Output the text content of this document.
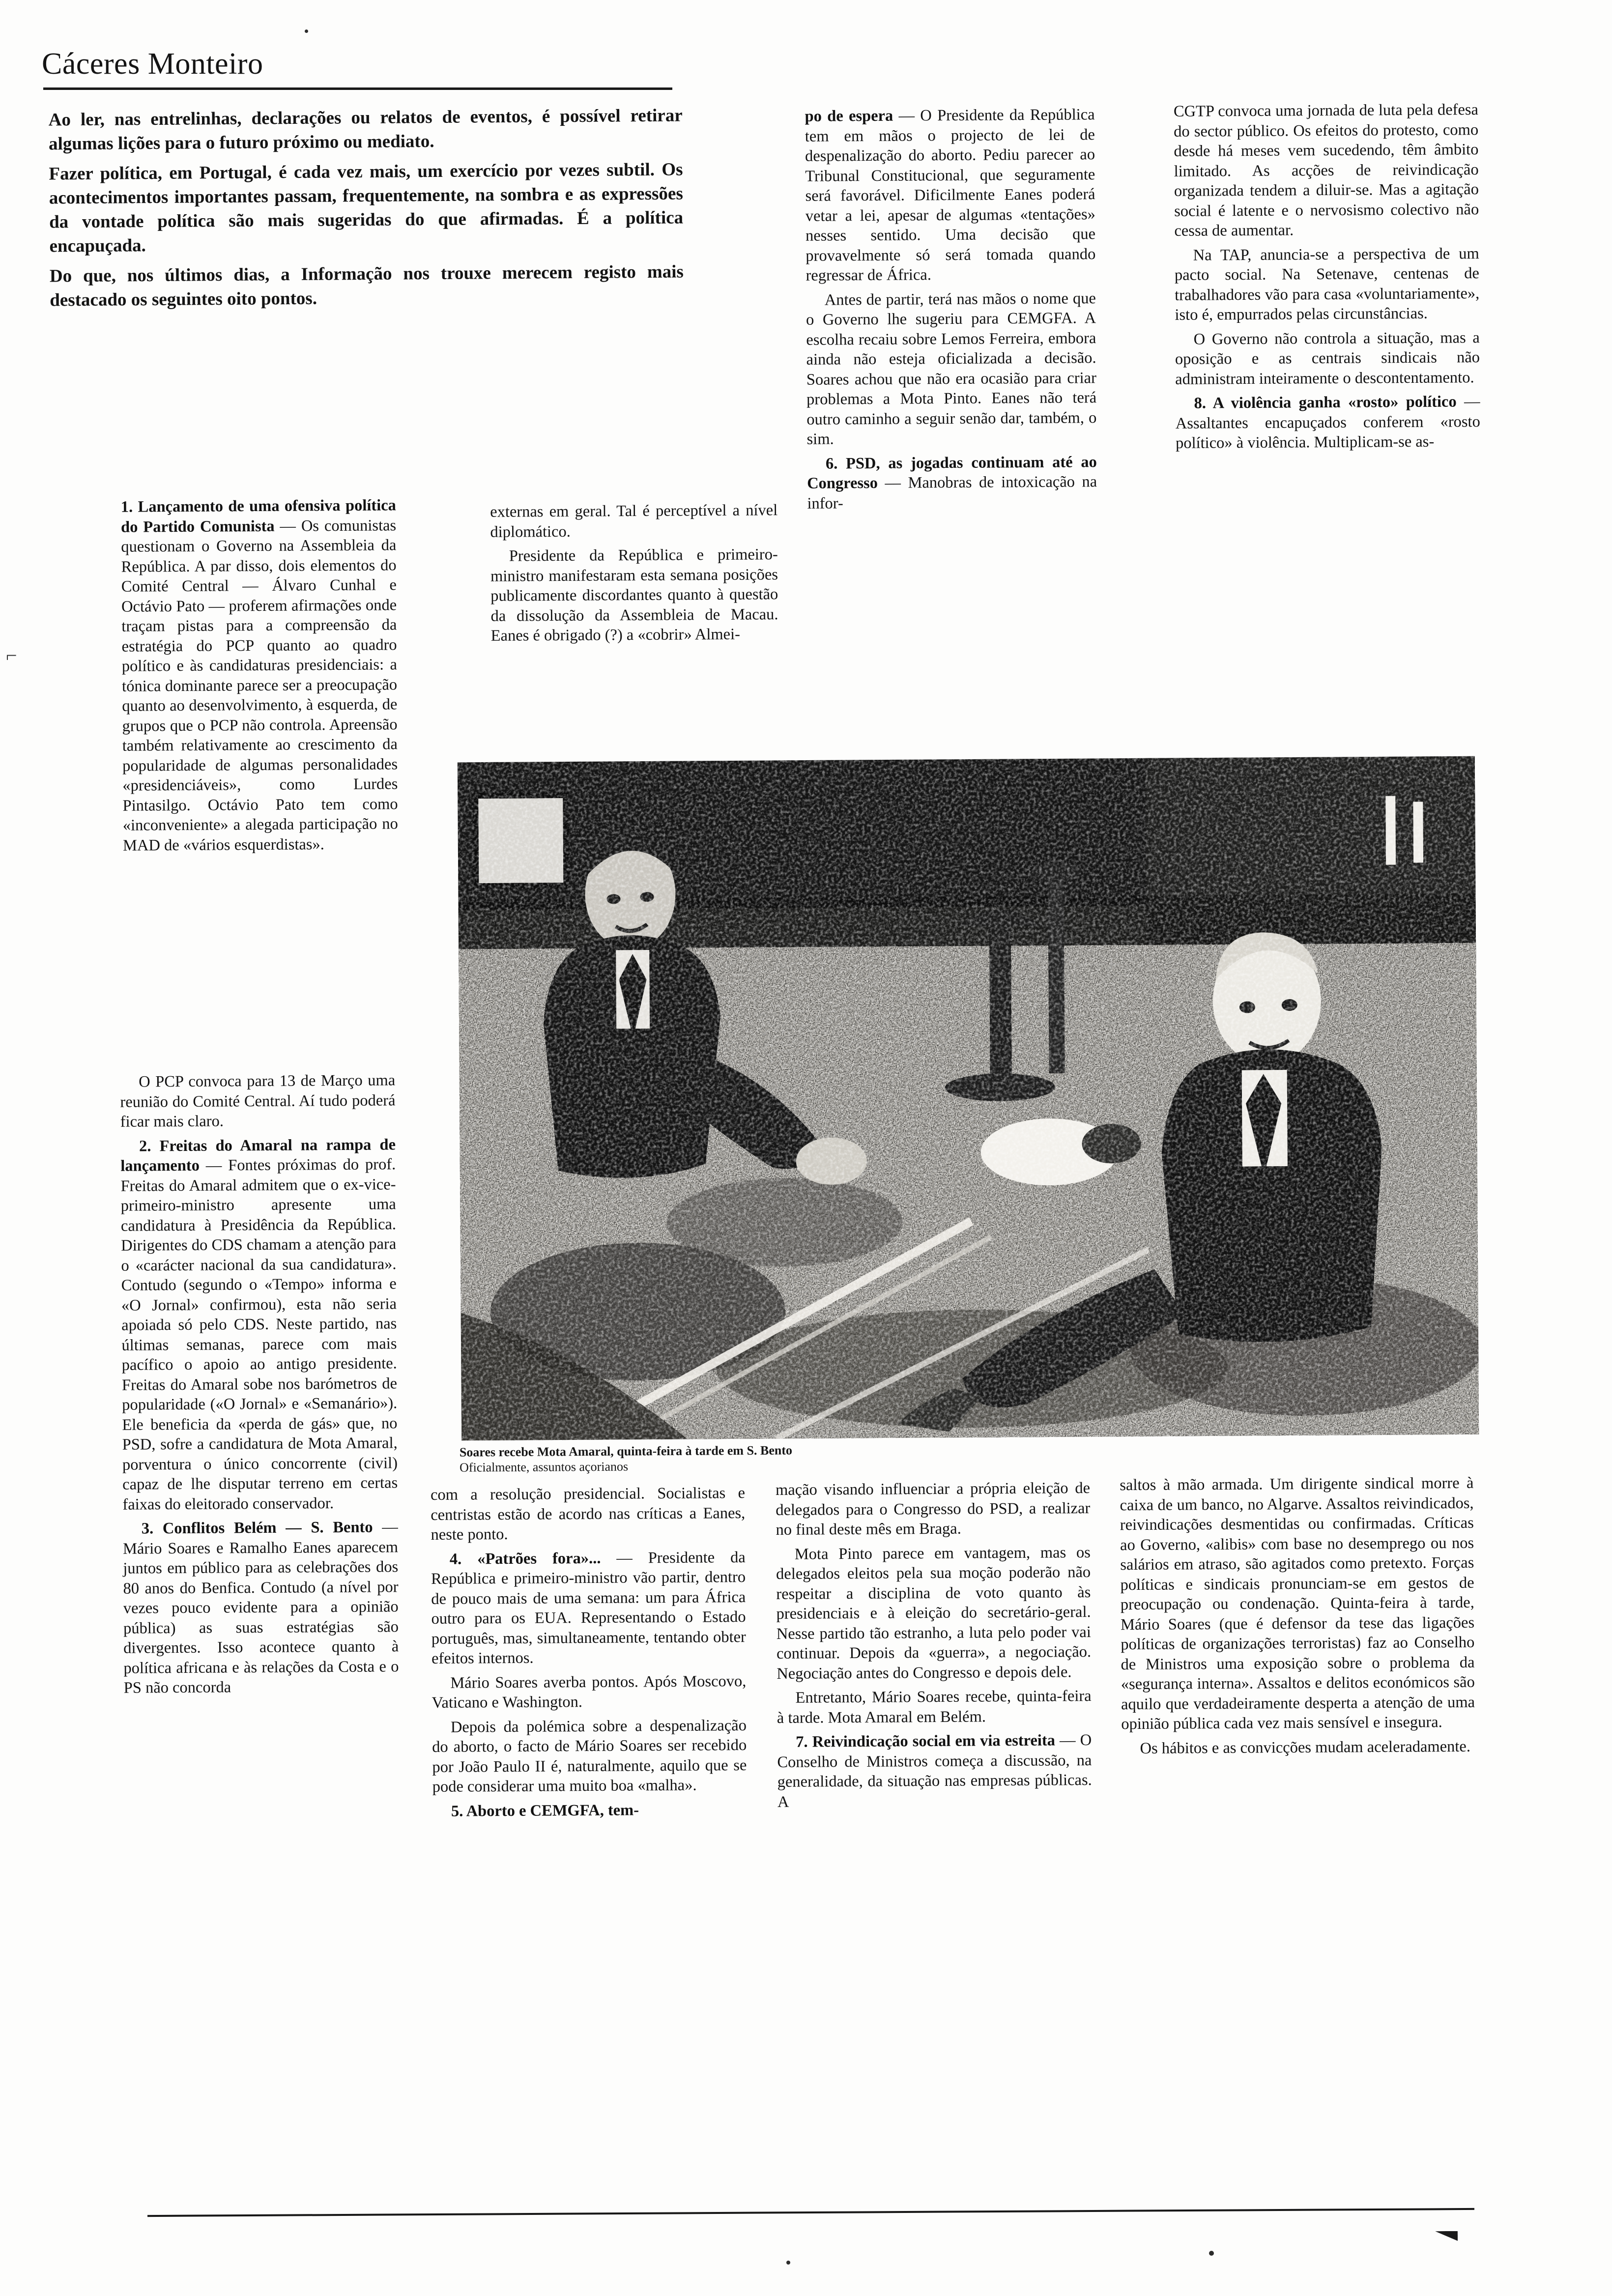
⌐
Cáceres Monteiro

Ao ler, nas entrelinhas, declarações ou relatos de eventos, é possível retirar algumas lições para o futuro próximo ou mediato.

Fazer política, em Portugal, é cada vez mais, um exercício por vezes subtil. Os acontecimentos importantes passam, frequentemente, na sombra e as expressões da vontade política são mais sugeridas do que afirmadas. É a política encapuçada.

Do que, nos últimos dias, a Informação nos trouxe merecem registo mais destacado os seguintes oito pontos.

1. Lançamento de uma ofensiva política do Partido Comunista — Os comunistas questionam o Governo na Assembleia da República. A par disso, dois elementos do Comité Central — Álvaro Cunhal e Octávio Pato — proferem afirmações onde traçam pistas para a compreensão da estratégia do PCP quanto ao quadro político e às candidaturas presidenciais: a tónica dominante parece ser a preocupação quanto ao desenvolvimento, à esquerda, de grupos que o PCP não controla. Apreensão também relativamente ao crescimento da popularidade de algumas personalidades «presidenciáveis», como Lurdes Pintasilgo. Octávio Pato tem como «inconveniente» a alegada participação no MAD de «vários esquerdistas».

O PCP convoca para 13 de Março uma reunião do Comité Central. Aí tudo poderá ficar mais claro.

2. Freitas do Amaral na rampa de lançamento — Fontes próximas do prof. Freitas do Amaral admitem que o ex-vice-primeiro-ministro apresente uma candidatura à Presidência da República. Dirigentes do CDS chamam a atenção para o «carácter nacional da sua candidatura». Contudo (segundo o «Tempo» informa e «O Jornal» confirmou), esta não seria apoiada só pelo CDS. Neste partido, nas últimas semanas, parece com mais pacífico o apoio ao antigo presidente. Freitas do Amaral sobe nos barómetros de popularidade («O Jornal» e «Semanário»). Ele beneficia da «perda de gás» que, no PSD, sofre a candidatura de Mota Amaral, porventura o único concorrente (civil) capaz de lhe disputar terreno em certas faixas do eleitorado conservador.

3. Conflitos Belém — S. Bento — Mário Soares e Ramalho Eanes aparecem juntos em público para as celebrações dos 80 anos do Benfica. Contudo (a nível por vezes pouco evidente para a opinião pública) as suas estratégias são divergentes. Isso acontece quanto à política africana e às relações da Costa e o PS não concorda

externas em geral. Tal é perceptível a nível diplomático.

Presidente da República e primeiro-ministro manifestaram esta semana posições publicamente discordantes quanto à questão da dissolução da Assembleia de Macau. Eanes é obrigado (?) a «cobrir» Almei-

po de espera — O Presidente da República tem em mãos o projecto de lei de despenalização do aborto. Pediu parecer ao Tribunal Constitucional, que seguramente será favorável. Dificilmente Eanes poderá vetar a lei, apesar de algumas «tentações» nesses sentido. Uma decisão que provavelmente só será tomada quando regressar de África.

Antes de partir, terá nas mãos o nome que o Governo lhe sugeriu para CEMGFA. A escolha recaiu sobre Lemos Ferreira, embora ainda não esteja oficializada a decisão. Soares achou que não era ocasião para criar problemas a Mota Pinto. Eanes não terá outro caminho a seguir senão dar, também, o sim.

6. PSD, as jogadas continuam até ao Congresso — Manobras de intoxicação na infor-

CGTP convoca uma jornada de luta pela defesa do sector público. Os efeitos do protesto, como desde há meses vem sucedendo, têm âmbito limitado. As acções de reivindicação organizada tendem a diluir-se. Mas a agitação social é latente e o nervosismo colectivo não cessa de aumentar.

Na TAP, anuncia-se a perspectiva de um pacto social. Na Setenave, centenas de trabalhadores vão para casa «voluntariamente», isto é, empurrados pelas circunstâncias.

O Governo não controla a situação, mas a oposição e as centrais sindicais não administram inteiramente o descontentamento.

8. A violência ganha «rosto» político — Assaltantes encapuçados conferem «rosto político» à violência. Multiplicam-se as-

Soares recebe Mota Amaral, quinta-feira à tarde em S. Bento
Oficialmente, assuntos açorianos

com a resolução presidencial. Socialistas e centristas estão de acordo nas críticas a Eanes, neste ponto.

4. «Patrões fora»... — Presidente da República e primeiro-ministro vão partir, dentro de pouco mais de uma semana: um para África outro para os EUA. Representando o Estado português, mas, simultaneamente, tentando obter efeitos internos.

Mário Soares averba pontos. Após Moscovo, Vaticano e Washington.

Depois da polémica sobre a despenalização do aborto, o facto de Mário Soares ser recebido por João Paulo II é, naturalmente, aquilo que se pode considerar uma muito boa «malha».

5. Aborto e CEMGFA, tem-

mação visando influenciar a própria eleição de delegados para o Congresso do PSD, a realizar no final deste mês em Braga.

Mota Pinto parece em vantagem, mas os delegados eleitos pela sua moção poderão não respeitar a disciplina de voto quanto às presidenciais e à eleição do secretário-geral. Nesse partido tão estranho, a luta pelo poder vai continuar. Depois da «guerra», a negociação. Negociação antes do Congresso e depois dele.

Entretanto, Mário Soares recebe, quinta-feira à tarde. Mota Amaral em Belém.

7. Reivindicação social em via estreita — O Conselho de Ministros começa a discussão, na generalidade, da situação nas empresas públicas. A

saltos à mão armada. Um dirigente sindical morre à caixa de um banco, no Algarve. Assaltos reivindicados, reivindicações desmentidas ou confirmadas. Críticas ao Governo, «alibis» com base no desemprego ou nos salários em atraso, são agitados como pretexto. Forças políticas e sindicais pronunciam-se em gestos de preocupação ou condenação. Quinta-feira à tarde, Mário Soares (que é defensor da tese das ligações políticas de organizações terroristas) faz ao Conselho de Ministros uma exposição sobre o problema da «segurança interna». Assaltos e delitos económicos são aquilo que verdadeiramente desperta a atenção de uma opinião pública cada vez mais sensível e insegura.

Os hábitos e as convicções mudam aceleradamente.
